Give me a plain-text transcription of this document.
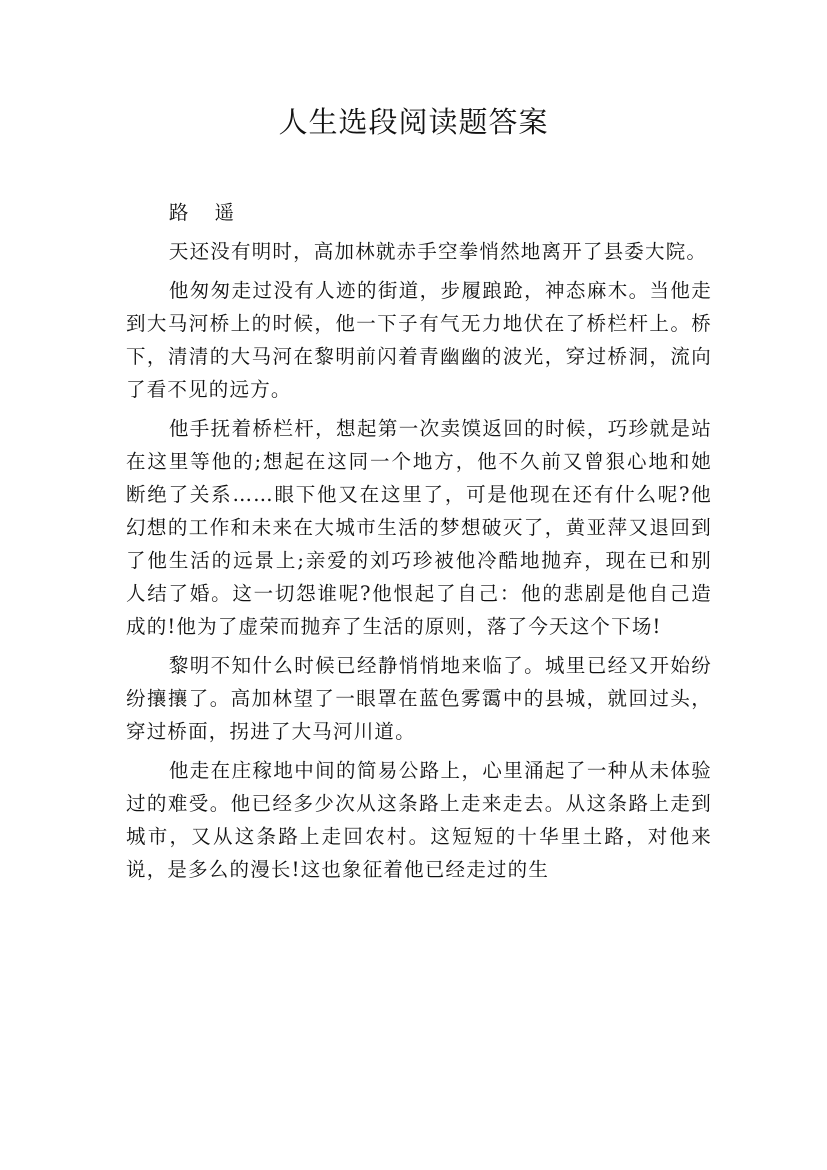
人生选段阅读题答案

路 遥

天还没有明时，高加林就赤手空拳悄然地离开了县委大院。

他匆匆走过没有人迹的街道，步履踉跄，神态麻木。当他走到大马河桥上的时候，他一下子有气无力地伏在了桥栏杆上。桥下，清清的大马河在黎明前闪着青幽幽的波光，穿过桥洞，流向了看不见的远方。

他手抚着桥栏杆，想起第一次卖馍返回的时候，巧珍就是站在这里等他的;想起在这同一个地方，他不久前又曾狠心地和她断绝了关系……眼下他又在这里了，可是他现在还有什么呢?他幻想的工作和未来在大城市生活的梦想破灭了，黄亚萍又退回到了他生活的远景上;亲爱的刘巧珍被他冷酷地抛弃，现在已和别人结了婚。这一切怨谁呢?他恨起了自己：他的悲剧是他自己造成的!他为了虚荣而抛弃了生活的原则，落了今天这个下场!

黎明不知什么时候已经静悄悄地来临了。城里已经又开始纷纷攘攘了。高加林望了一眼罩在蓝色雾霭中的县城，就回过头，穿过桥面，拐进了大马河川道。

他走在庄稼地中间的简易公路上，心里涌起了一种从未体验过的难受。他已经多少次从这条路上走来走去。从这条路上走到城市，又从这条路上走回农村。这短短的十华里土路，对他来说，是多么的漫长!这也象征着他已经走过的生
